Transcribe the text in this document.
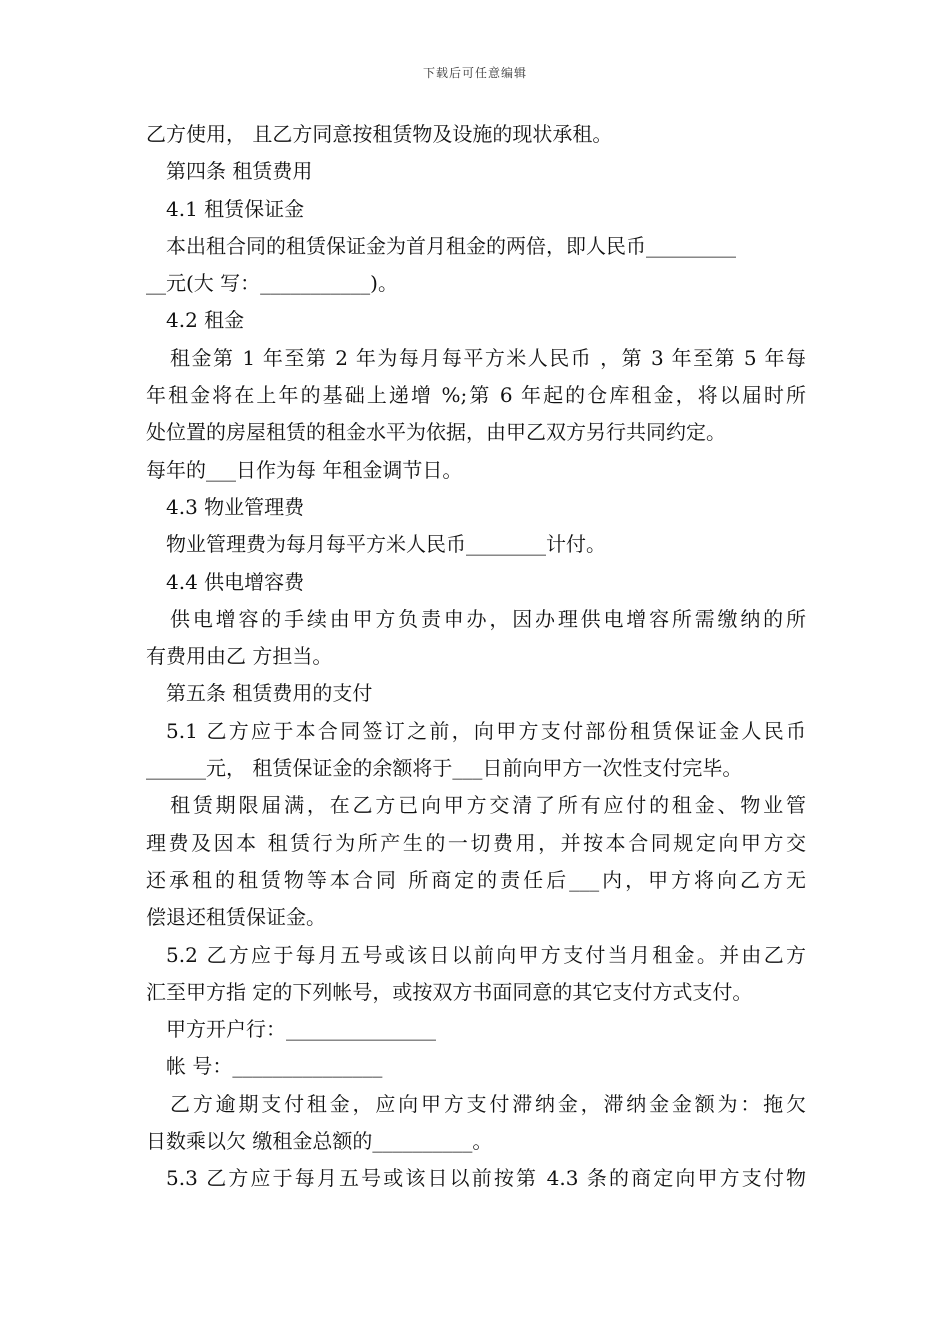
下载后可任意编辑
乙方使用， 且乙方同意按租赁物及设施的现状承租。
第四条 租赁费用
4.1 租赁保证金
本出租合同的租赁保证金为首月租金的两倍，即人民币_________
__元(大 写：___________)。
4.2 租金
租金第 1 年至第 2 年为每月每平方米人民币 ，第 3 年至第 5 年每
年租金将在上年的基础上递增 %;第 6 年起的仓库租金，将以届时所
处位置的房屋租赁的租金水平为依据，由甲乙双方另行共同约定。
每年的___日作为每 年租金调节日。
4.3 物业管理费
物业管理费为每月每平方米人民币________计付。
4.4 供电增容费
供电增容的手续由甲方负责申办，因办理供电增容所需缴纳的所
有费用由乙 方担当。
第五条 租赁费用的支付
5.1 乙方应于本合同签订之前，向甲方支付部份租赁保证金人民币
______元， 租赁保证金的余额将于___日前向甲方一次性支付完毕。
租赁期限届满，在乙方已向甲方交清了所有应付的租金、物业管
理费及因本 租赁行为所产生的一切费用，并按本合同规定向甲方交
还承租的租赁物等本合同 所商定的责任后___内，甲方将向乙方无
偿退还租赁保证金。
5.2 乙方应于每月五号或该日以前向甲方支付当月租金。并由乙方
汇至甲方指 定的下列帐号，或按双方书面同意的其它支付方式支付。
甲方开户行：_______________
帐 号：_______________
乙方逾期支付租金，应向甲方支付滞纳金，滞纳金金额为：拖欠
日数乘以欠 缴租金总额的__________。
5.3 乙方应于每月五号或该日以前按第 4.3 条的商定向甲方支付物
